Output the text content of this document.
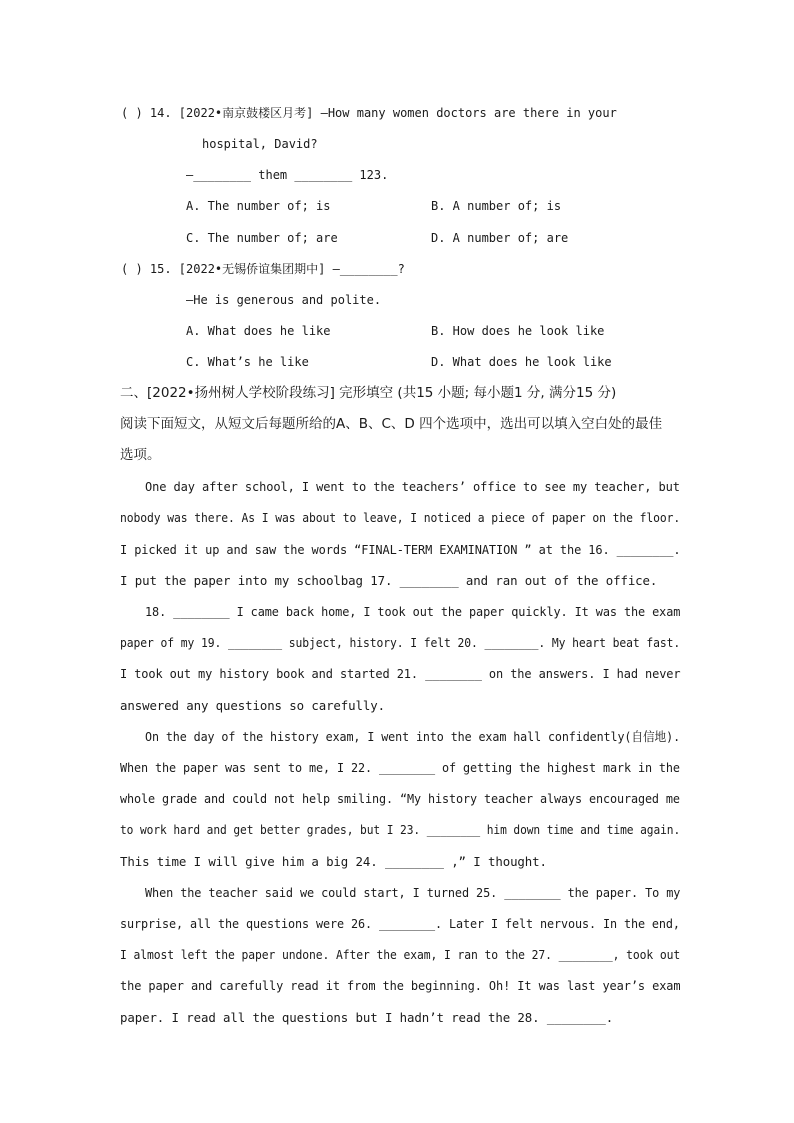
( ) 14. [2022•南京鼓楼区月考] —How many women doctors are there in your
hospital, David?
—________ them ________ 123.
A. The number of; is	B. A number of; is
C. The number of; are	D. A number of; are
( ) 15. [2022•无锡侨谊集团期中] —________?
—He is generous and polite.
A. What does he like	B. How does he look like
C. What’s he like	D. What does he look like
二、[2022•扬州树人学校阶段练习] 完形填空 (共15 小题; 每小题1 分, 满分15 分)
阅读下面短文，从短文后每题所给的A、B、C、D 四个选项中，选出可以填入空白处的最佳
选项。
One day after school, I went to the teachers’ office to see my teacher, but
nobody was there. As I was about to leave, I noticed a piece of paper on the floor.
I picked it up and saw the words “FINAL-TERM EXAMINATION ” at the 16. ________.
I put the paper into my schoolbag 17. ________ and ran out of the office.
18. ________ I came back home, I took out the paper quickly. It was the exam
paper of my 19. ________ subject, history. I felt 20. ________. My heart beat fast.
I took out my history book and started 21. ________ on the answers. I had never
answered any questions so carefully.
On the day of the history exam, I went into the exam hall confidently(自信地).
When the paper was sent to me, I 22. ________ of getting the highest mark in the
whole grade and could not help smiling. “My history teacher always encouraged me
to work hard and get better grades, but I 23. ________ him down time and time again.
This time I will give him a big 24. ________ ,” I thought.
When the teacher said we could start, I turned 25. ________ the paper. To my
surprise, all the questions were 26. ________. Later I felt nervous. In the end,
I almost left the paper undone. After the exam, I ran to the 27. ________, took out
the paper and carefully read it from the beginning. Oh! It was last year’s exam
paper. I read all the questions but I hadn’t read the 28. ________.
